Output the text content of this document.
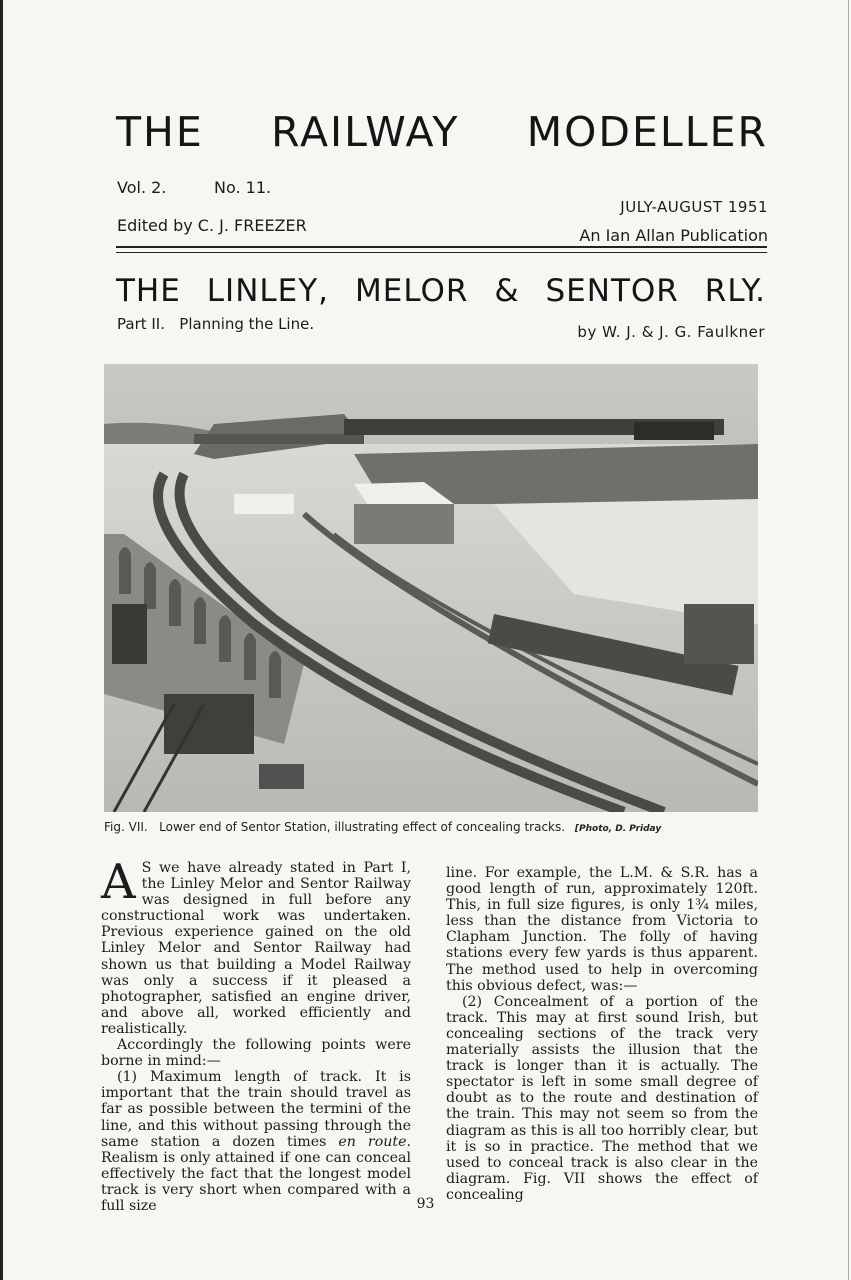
THE RAILWAY MODELLER
Vol. 2.	No. 11.
JULY-AUGUST 1951
Edited by C. J. FREEZER
An Ian Allan Publication
THE LINLEY, MELOR & SENTOR RLY.
Part II.   Planning the Line.	by W. J. & J. G. Faulkner
Fig. VII.   Lower end of Sentor Station, illustrating effect of concealing tracks. [Photo, D. Priday

A S we have already stated in Part I, the Linley Melor and Sentor Railway was designed in full before any constructional work was undertaken. Previous experience gained on the old Linley Melor and Sentor Railway had shown us that building a Model Railway was only a success if it pleased a photographer, satisfied an engine driver, and above all, worked efficiently and realistically.

Accordingly the following points were borne in mind:—

(1) Maximum length of track. It is important that the train should travel as far as possible between the termini of the line, and this without passing through the same station a dozen times en route. Realism is only attained if one can conceal effectively the fact that the longest model track is very short when compared with a full size

line. For example, the L.M. & S.R. has a good length of run, approximately 120ft. This, in full size figures, is only 1¾ miles, less than the distance from Victoria to Clapham Junction. The folly of having stations every few yards is thus apparent. The method used to help in overcoming this obvious defect, was:—

(2) Concealment of a portion of the track. This may at first sound Irish, but concealing sections of the track very materially assists the illusion that the track is longer than it is actually. The spectator is left in some small degree of doubt as to the route and destination of the train. This may not seem so from the diagram as this is all too horribly clear, but it is so in practice. The method that we used to conceal track is also clear in the diagram. Fig. VII shows the effect of concealing

93
